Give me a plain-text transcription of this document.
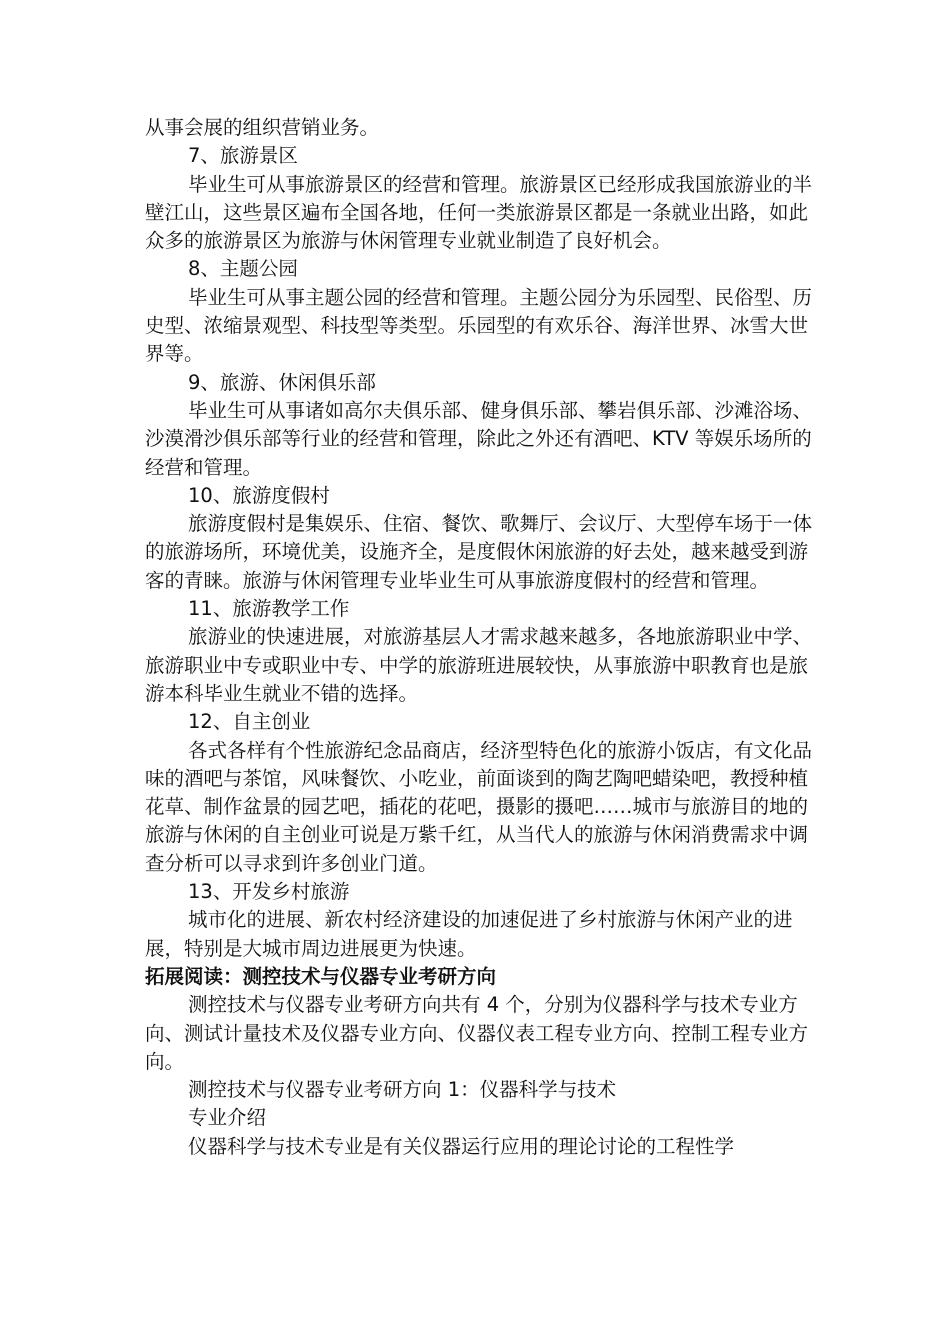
从事会展的组织营销业务。

7、旅游景区

毕业生可从事旅游景区的经营和管理。旅游景区已经形成我国旅游业的半壁江山，这些景区遍布全国各地，任何一类旅游景区都是一条就业出路，如此众多的旅游景区为旅游与休闲管理专业就业制造了良好机会。

8、主题公园

毕业生可从事主题公园的经营和管理。主题公园分为乐园型、民俗型、历史型、浓缩景观型、科技型等类型。乐园型的有欢乐谷、海洋世界、冰雪大世界等。

9、旅游、休闲俱乐部

毕业生可从事诸如高尔夫俱乐部、健身俱乐部、攀岩俱乐部、沙滩浴场、沙漠滑沙俱乐部等行业的经营和管理，除此之外还有酒吧、KTV 等娱乐场所的经营和管理。

10、旅游度假村

旅游度假村是集娱乐、住宿、餐饮、歌舞厅、会议厅、大型停车场于一体的旅游场所，环境优美，设施齐全，是度假休闲旅游的好去处，越来越受到游客的青睐。旅游与休闲管理专业毕业生可从事旅游度假村的经营和管理。

11、旅游教学工作

旅游业的快速进展，对旅游基层人才需求越来越多，各地旅游职业中学、旅游职业中专或职业中专、中学的旅游班进展较快，从事旅游中职教育也是旅游本科毕业生就业不错的选择。

12、自主创业

各式各样有个性旅游纪念品商店，经济型特色化的旅游小饭店，有文化品味的酒吧与茶馆，风味餐饮、小吃业，前面谈到的陶艺陶吧蜡染吧，教授种植花草、制作盆景的园艺吧，插花的花吧，摄影的摄吧……城市与旅游目的地的旅游与休闲的自主创业可说是万紫千红，从当代人的旅游与休闲消费需求中调查分析可以寻求到许多创业门道。

13、开发乡村旅游

城市化的进展、新农村经济建设的加速促进了乡村旅游与休闲产业的进展，特别是大城市周边进展更为快速。

拓展阅读：测控技术与仪器专业考研方向

测控技术与仪器专业考研方向共有 4 个，分别为仪器科学与技术专业方向、测试计量技术及仪器专业方向、仪器仪表工程专业方向、控制工程专业方向。

测控技术与仪器专业考研方向 1：仪器科学与技术

专业介绍

仪器科学与技术专业是有关仪器运行应用的理论讨论的工程性学
